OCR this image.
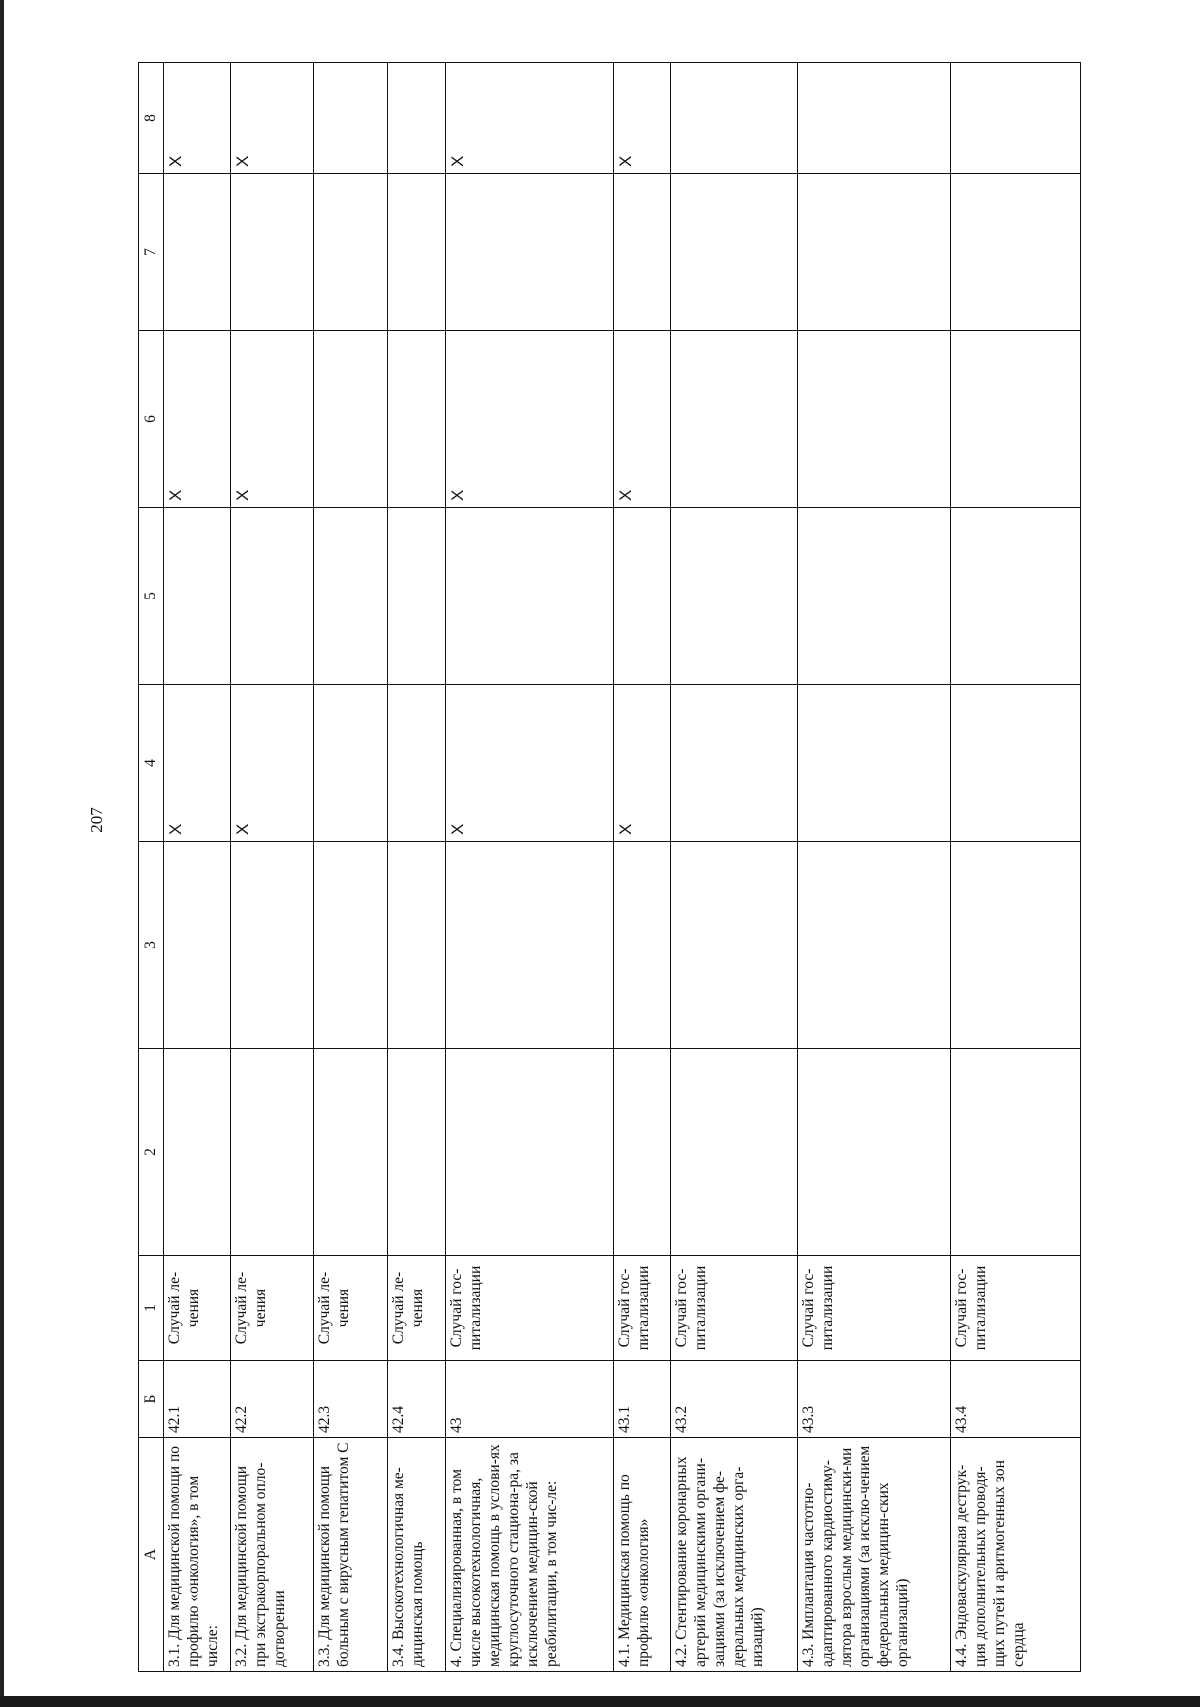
207
А	Б	1	2	3	4	5	6	7	8
3.1. Для медицинской помощи по профилю «онкология», в том числе:	42.1	Случай ле-чения			X		X		X
3.2. Для медицинской помощи при экстракорпоральном опло-дотворении	42.2	Случай ле-чения			X		X		X
3.3. Для медицинской помощи больным с вирусным гепатитом С	42.3	Случай ле-чения							
3.4. Высокотехнологичная ме-дицинская помощь	42.4	Случай ле-чения							
4. Специализированная, в том числе высокотехнологичная, медицинская помощь в услови-ях круглосуточного стациона-ра, за исключением медицин-ской реабилитации, в том чис-ле:	43	Случай гос-питализации			X		X		X
4.1. Медицинская помощь по профилю «онкология»	43.1	Случай гос-питализации			X		X		X
4.2. Стентирование коронарных артерий медицинскими органи-зациями (за исключением фе-деральных медицинских орга-низаций)	43.2	Случай гос-питализации							
4.3. Имплантация частотно-адаптированного кардиостиму-лятора взрослым медицински-ми организациями (за исклю-чением федеральных медицин-ских организаций)	43.3	Случай гос-питализации							
4.4. Эндоваскулярная деструк-ция дополнительных проводя-щих путей и аритмогенных зон сердца	43.4	Случай гос-питализации							
